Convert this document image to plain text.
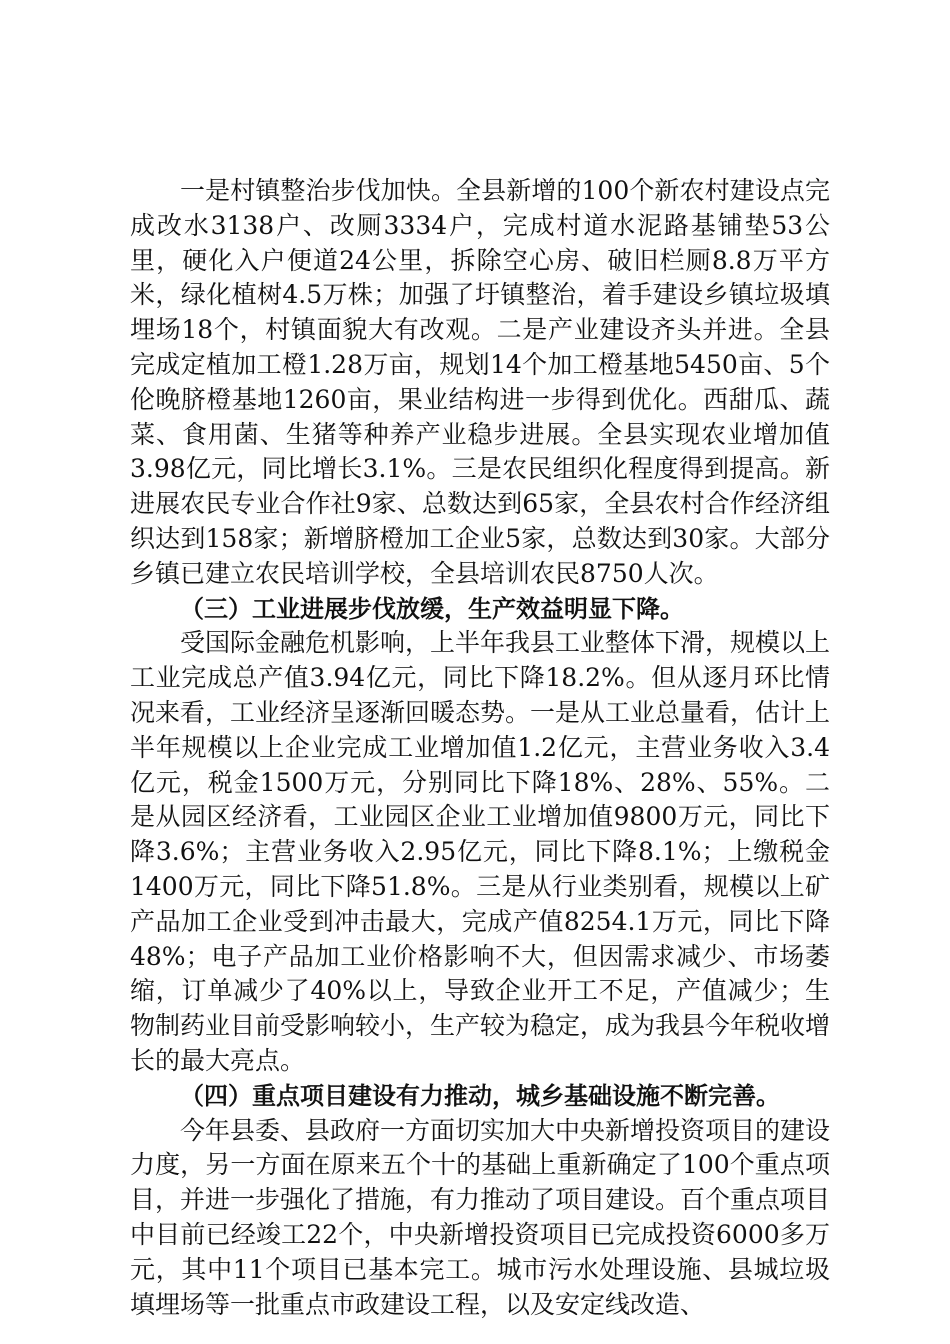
一是村镇整治步伐加快。全县新增的100个新农村建设点完成改水3138户、改厕3334户，完成村道水泥路基铺垫53公里，硬化入户便道24公里，拆除空心房、破旧栏厕8.8万平方米，绿化植树4.5万株；加强了圩镇整治，着手建设乡镇垃圾填埋场18个，村镇面貌大有改观。二是产业建设齐头并进。全县完成定植加工橙1.28万亩，规划14个加工橙基地5450亩、5个伦晚脐橙基地1260亩，果业结构进一步得到优化。西甜瓜、蔬菜、食用菌、生猪等种养产业稳步进展。全县实现农业增加值3.98亿元，同比增长3.1%。三是农民组织化程度得到提高。新进展农民专业合作社9家、总数达到65家，全县农村合作经济组织达到158家；新增脐橙加工企业5家，总数达到30家。大部分乡镇已建立农民培训学校，全县培训农民8750人次。

（三）工业进展步伐放缓，生产效益明显下降。

受国际金融危机影响，上半年我县工业整体下滑，规模以上工业完成总产值3.94亿元，同比下降18.2%。但从逐月环比情况来看，工业经济呈逐渐回暖态势。一是从工业总量看，估计上半年规模以上企业完成工业增加值1.2亿元，主营业务收入3.4亿元，税金1500万元，分别同比下降18%、28%、55%。二是从园区经济看，工业园区企业工业增加值9800万元，同比下降3.6%；主营业务收入2.95亿元，同比下降8.1%；上缴税金1400万元，同比下降51.8%。三是从行业类别看，规模以上矿产品加工企业受到冲击最大，完成产值8254.1万元，同比下降48%；电子产品加工业价格影响不大，但因需求减少、市场萎缩，订单减少了40%以上，导致企业开工不足，产值减少；生物制药业目前受影响较小，生产较为稳定，成为我县今年税收增长的最大亮点。

（四）重点项目建设有力推动，城乡基础设施不断完善。

今年县委、县政府一方面切实加大中央新增投资项目的建设力度，另一方面在原来五个十的基础上重新确定了100个重点项目，并进一步强化了措施，有力推动了项目建设。百个重点项目中目前已经竣工22个，中央新增投资项目已完成投资6000多万元，其中11个项目已基本完工。城市污水处理设施、县城垃圾填埋场等一批重点市政建设工程，以及安定线改造、
